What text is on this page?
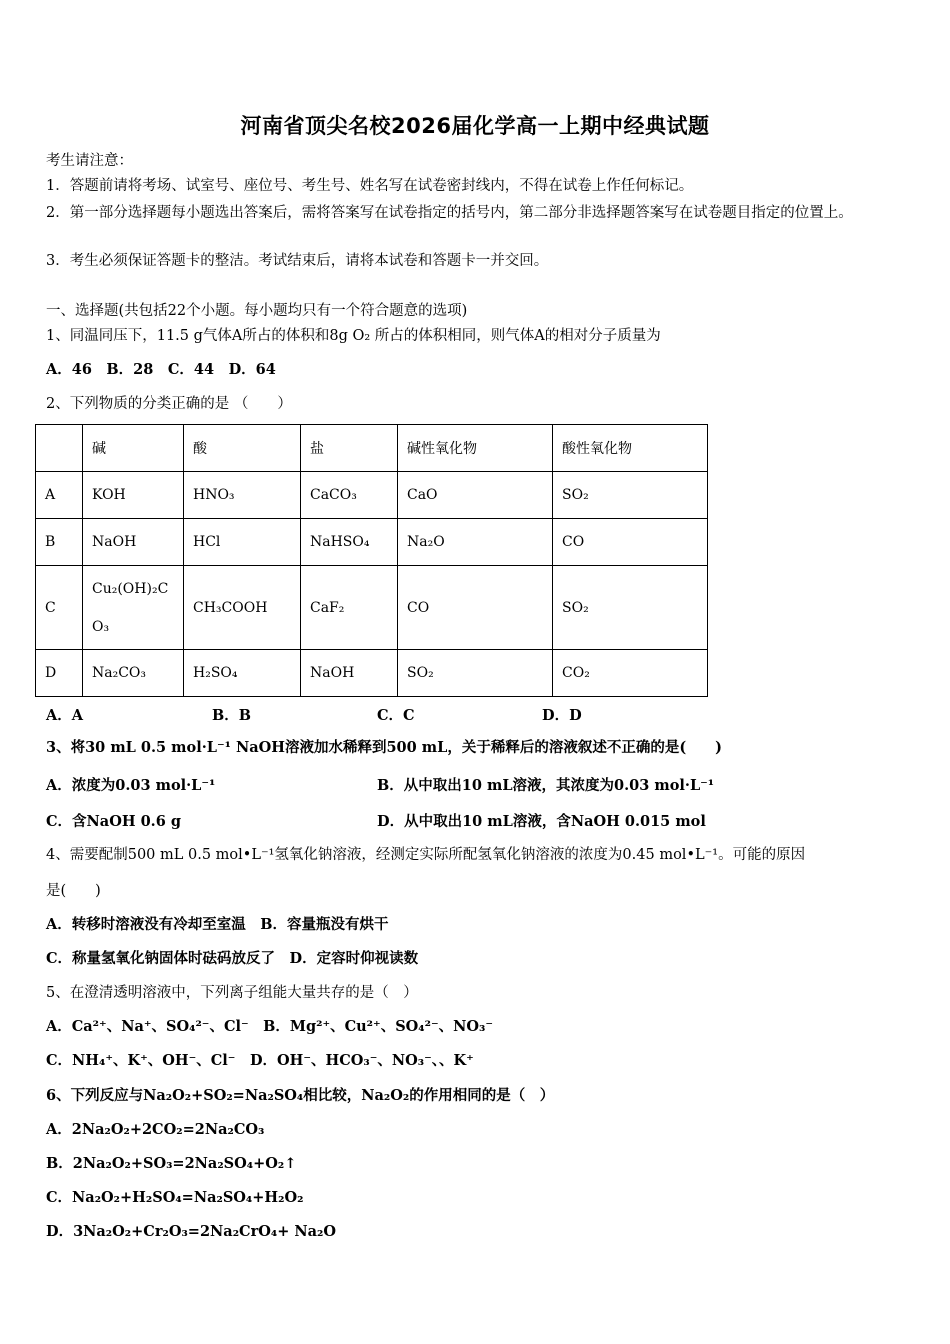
河南省顶尖名校2026届化学高一上期中经典试题
考生请注意：
1．答题前请将考场、试室号、座位号、考生号、姓名写在试卷密封线内，不得在试卷上作任何标记。
2．第一部分选择题每小题选出答案后，需将答案写在试卷指定的括号内，第二部分非选择题答案写在试卷题目指定的位置上。
3．考生必须保证答题卡的整洁。考试结束后，请将本试卷和答题卡一并交回。
一、选择题(共包括22个小题。每小题均只有一个符合题意的选项)
1、同温同压下，11.5 g气体A所占的体积和8g O₂ 所占的体积相同，则气体A的相对分子质量为
A．46　B．28　C．44　D．64
2、下列物质的分类正确的是 （　　）
	碱	酸	盐	碱性氧化物	酸性氧化物
A	KOH	HNO₃	CaCO₃	CaO	SO₂
B	NaOH	HCl	NaHSO₄	Na₂O	CO
C	Cu₂(OH)₂CO₃	CH₃COOH	CaF₂	CO	SO₂
D	Na₂CO₃	H₂SO₄	NaOH	SO₂	CO₂
A．A	B．B	C．C	D．D
3、将30 mL 0.5 mol·L⁻¹ NaOH溶液加水稀释到500 mL，关于稀释后的溶液叙述不正确的是(　　)
A．浓度为0.03 mol·L⁻¹	B．从中取出10 mL溶液，其浓度为0.03 mol·L⁻¹
C．含NaOH 0.6 g	D．从中取出10 mL溶液，含NaOH 0.015 mol
4、需要配制500 mL 0.5 mol•L⁻¹氢氧化钠溶液，经测定实际所配氢氧化钠溶液的浓度为0.45 mol•L⁻¹。可能的原因
是(　　)
A．转移时溶液没有冷却至室温　B．容量瓶没有烘干
C．称量氢氧化钠固体时砝码放反了　D．定容时仰视读数
5、在澄清透明溶液中，下列离子组能大量共存的是（　）
A．Ca²⁺、Na⁺、SO₄²⁻、Cl⁻　B．Mg²⁺、Cu²⁺、SO₄²⁻、NO₃⁻
C．NH₄⁺、K⁺、OH⁻、Cl⁻　D．OH⁻、HCO₃⁻、NO₃⁻、、K⁺
6、下列反应与Na₂O₂+SO₂=Na₂SO₄相比较，Na₂O₂的作用相同的是（　）
A．2Na₂O₂+2CO₂=2Na₂CO₃
B．2Na₂O₂+SO₃=2Na₂SO₄+O₂↑
C．Na₂O₂+H₂SO₄=Na₂SO₄+H₂O₂
D．3Na₂O₂+Cr₂O₃=2Na₂CrO₄+ Na₂O
